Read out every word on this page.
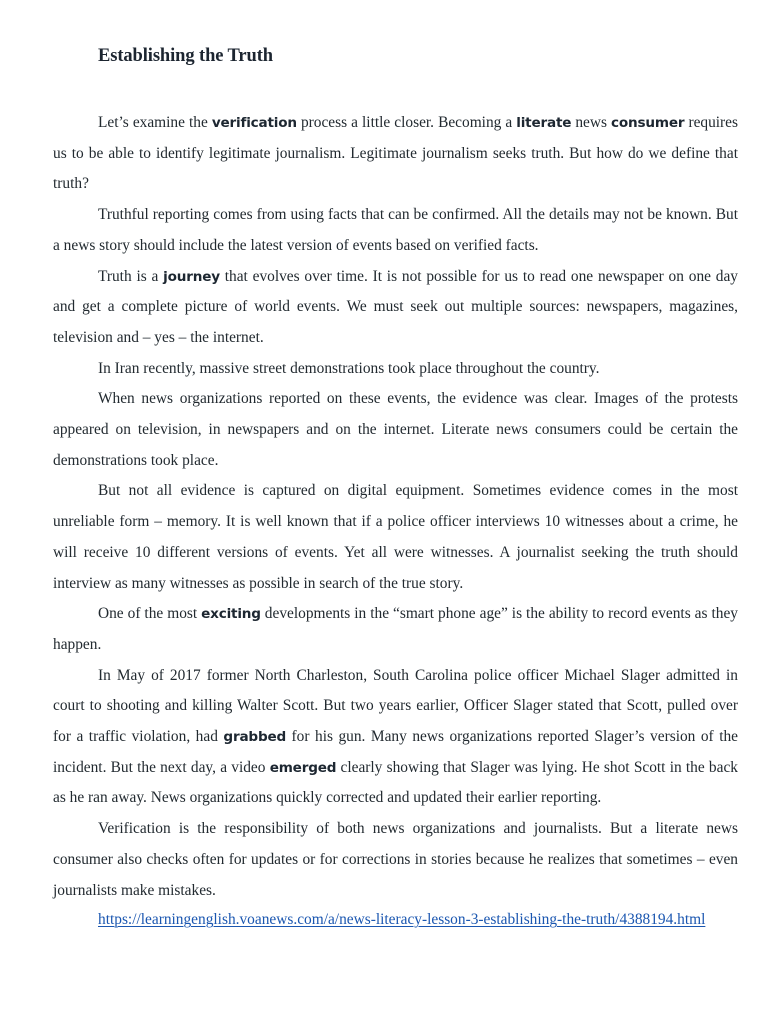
Establishing the Truth

Let’s examine the verification process a little closer. Becoming a literate news consumer requires us to be able to identify legitimate journalism. Legitimate journalism seeks truth. But how do we define that truth?

Truthful reporting comes from using facts that can be confirmed. All the details may not be known. But a news story should include the latest version of events based on verified facts.

Truth is a journey that evolves over time. It is not possible for us to read one newspaper on one day and get a complete picture of world events. We must seek out multiple sources: newspapers, magazines, television and – yes – the internet.

In Iran recently, massive street demonstrations took place throughout the country.

When news organizations reported on these events, the evidence was clear. Images of the protests appeared on television, in newspapers and on the internet. Literate news consumers could be certain the demonstrations took place.

But not all evidence is captured on digital equipment. Sometimes evidence comes in the most unreliable form – memory. It is well known that if a police officer interviews 10 witnesses about a crime, he will receive 10 different versions of events. Yet all were witnesses. A journalist seeking the truth should interview as many witnesses as possible in search of the true story.

One of the most exciting developments in the “smart phone age” is the ability to record events as they happen.

In May of 2017 former North Charleston, South Carolina police officer Michael Slager admitted in court to shooting and killing Walter Scott. But two years earlier, Officer Slager stated that Scott, pulled over for a traffic violation, had grabbed for his gun. Many news organizations reported Slager’s version of the incident. But the next day, a video emerged clearly showing that Slager was lying. He shot Scott in the back as he ran away. News organizations quickly corrected and updated their earlier reporting.

Verification is the responsibility of both news organizations and journalists. But a literate news consumer also checks often for updates or for corrections in stories because he realizes that sometimes – even journalists make mistakes.

https://learningenglish.voanews.com/a/news-literacy-lesson-3-establishing-the-truth/4388194.html
